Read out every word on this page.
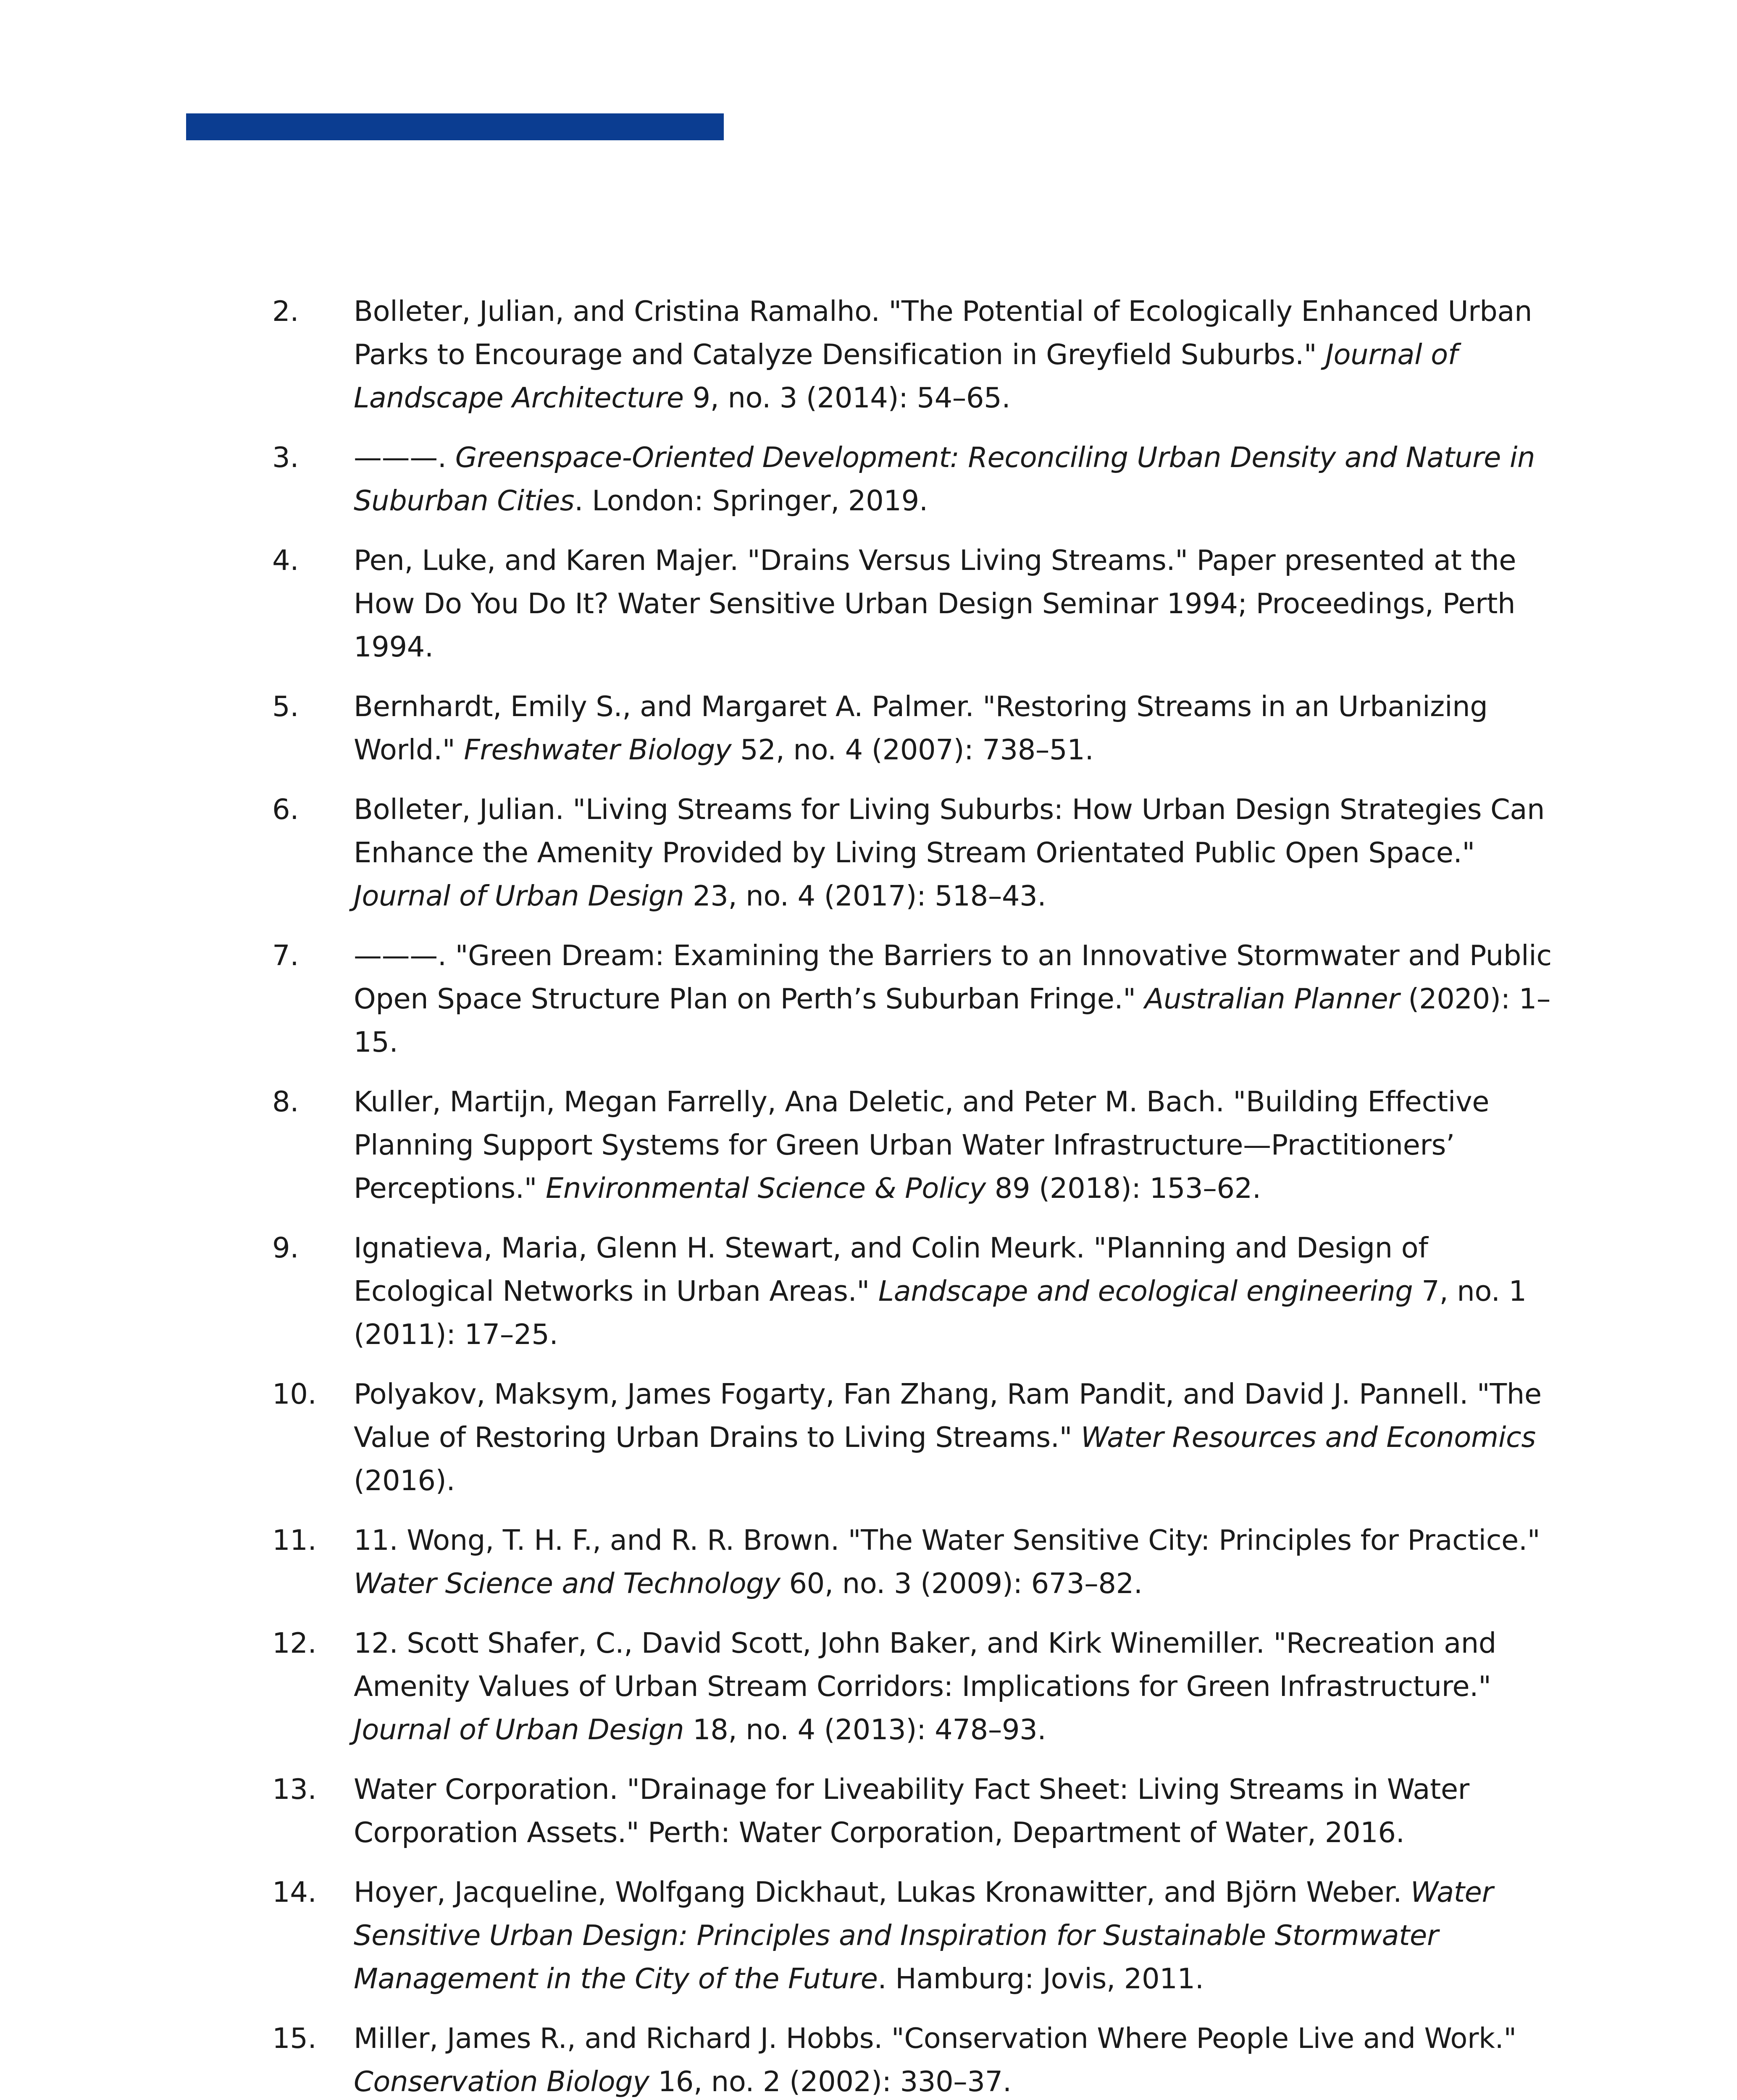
2. Bolleter, Julian, and Cristina Ramalho. "The Potential of Ecologically Enhanced Urban Parks to Encourage and Catalyze Densification in Greyfield Suburbs." Journal of Landscape Architecture 9, no. 3 (2014): 54–65.
3. ———. Greenspace-Oriented Development: Reconciling Urban Density and Nature in Suburban Cities. London: Springer, 2019.
4. Pen, Luke, and Karen Majer. "Drains Versus Living Streams." Paper presented at the How Do You Do It? Water Sensitive Urban Design Seminar 1994; Proceedings, Perth 1994.
5. Bernhardt, Emily S., and Margaret A. Palmer. "Restoring Streams in an Urbanizing World." Freshwater Biology 52, no. 4 (2007): 738–51.
6. Bolleter, Julian. "Living Streams for Living Suburbs: How Urban Design Strategies Can Enhance the Amenity Provided by Living Stream Orientated Public Open Space." Journal of Urban Design 23, no. 4 (2017): 518–43.
7. ———. "Green Dream: Examining the Barriers to an Innovative Stormwater and Public Open Space Structure Plan on Perth’s Suburban Fringe." Australian Planner (2020): 1–15.
8. Kuller, Martijn, Megan Farrelly, Ana Deletic, and Peter M. Bach. "Building Effective Planning Support Systems for Green Urban Water Infrastructure—Practitioners’ Perceptions." Environmental Science & Policy 89 (2018): 153–62.
9. Ignatieva, Maria, Glenn H. Stewart, and Colin Meurk. "Planning and Design of Ecological Networks in Urban Areas." Landscape and ecological engineering 7, no. 1 (2011): 17–25.
10. Polyakov, Maksym, James Fogarty, Fan Zhang, Ram Pandit, and David J. Pannell. "The Value of Restoring Urban Drains to Living Streams." Water Resources and Economics (2016).
11. 11. Wong, T. H. F., and R. R. Brown. "The Water Sensitive City: Principles for Practice." Water Science and Technology 60, no. 3 (2009): 673–82.
12. 12. Scott Shafer, C., David Scott, John Baker, and Kirk Winemiller. "Recreation and Amenity Values of Urban Stream Corridors: Implications for Green Infrastructure." Journal of Urban Design 18, no. 4 (2013): 478–93.
13. Water Corporation. "Drainage for Liveability Fact Sheet: Living Streams in Water Corporation Assets." Perth: Water Corporation, Department of Water, 2016.
14. Hoyer, Jacqueline, Wolfgang Dickhaut, Lukas Kronawitter, and Björn Weber. Water Sensitive Urban Design: Principles and Inspiration for Sustainable Stormwater Management in the City of the Future. Hamburg: Jovis, 2011.
15. Miller, James R., and Richard J. Hobbs. "Conservation Where People Live and Work." Conservation Biology 16, no. 2 (2002): 330–37.
